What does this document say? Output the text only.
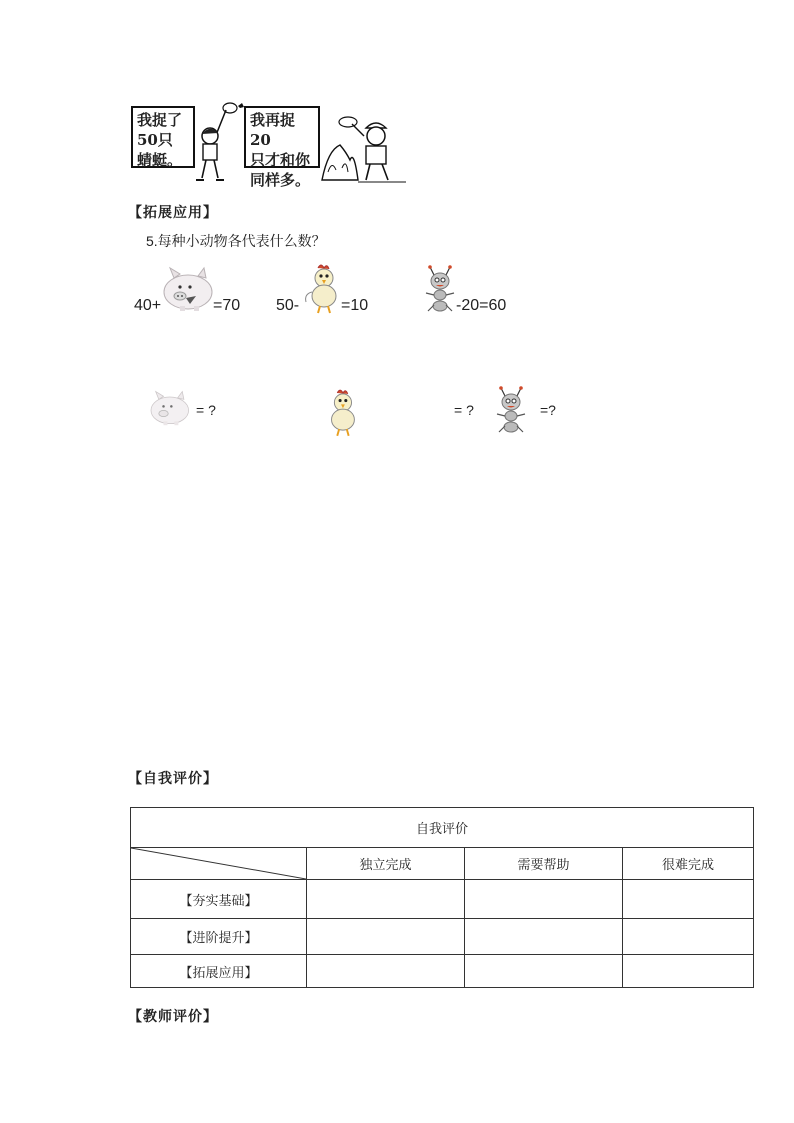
我捉了
50只
蜻蜓。
我再捉20
只才和你
同样多。
【拓展应用】
5.每种小动物各代表什么数？
40+	=70 50-	=10	-20=60
= ?	= ?	=?
【自我评价】
自我评价			

	独立完成	需要帮助	很难完成
【夯实基础】			
【进阶提升】			
【拓展应用】			
【教师评价】
